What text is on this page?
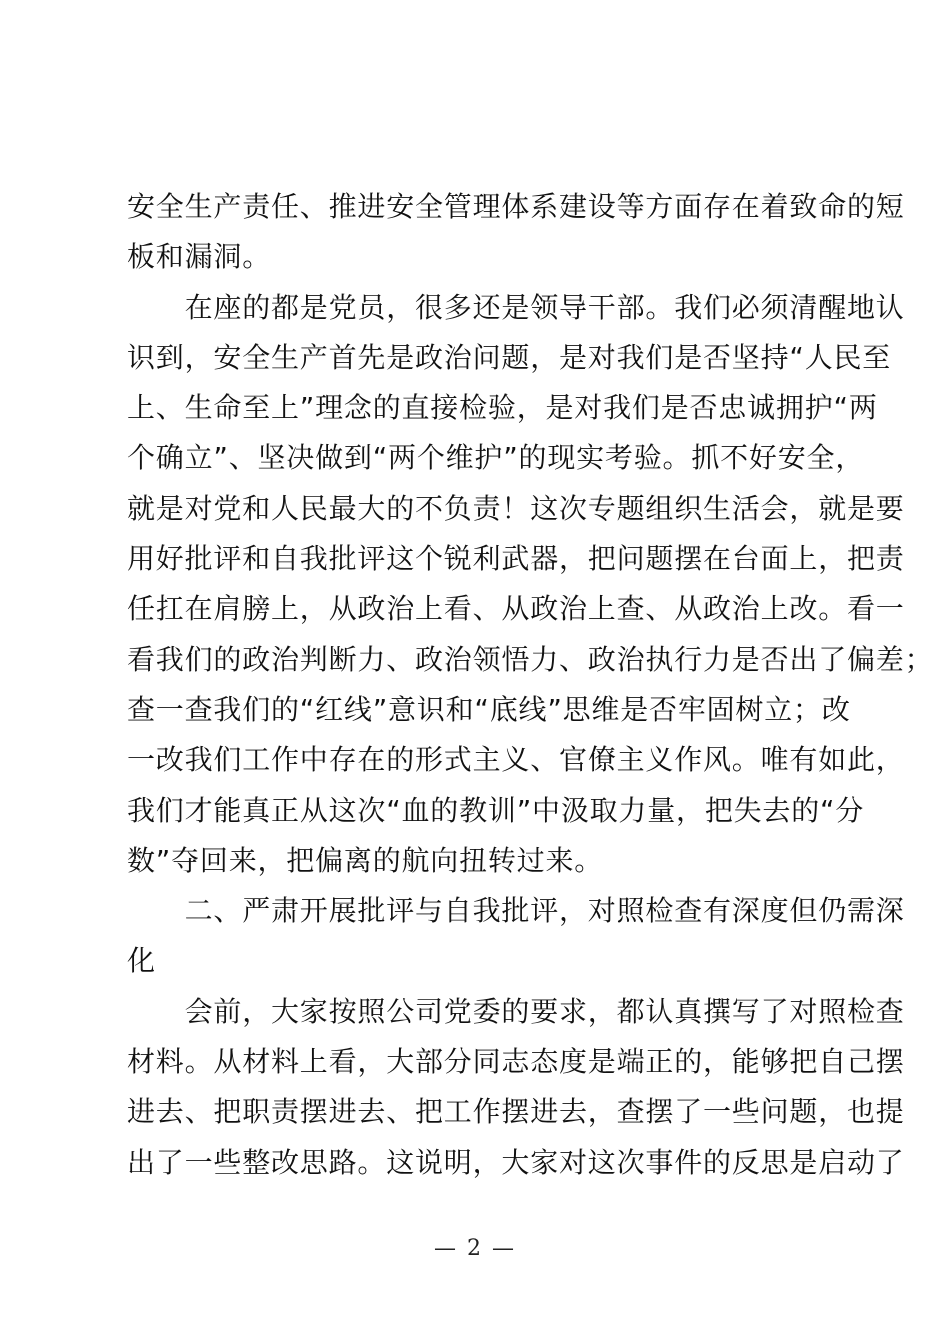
安全生产责任、推进安全管理体系建设等方面存在着致命的短
板和漏洞。
　　在座的都是党员，很多还是领导干部。我们必须清醒地认
识到，安全生产首先是政治问题，是对我们是否坚持“人民至
上、生命至上”理念的直接检验，是对我们是否忠诚拥护“两
个确立”、坚决做到“两个维护”的现实考验。抓不好安全，
就是对党和人民最大的不负责！这次专题组织生活会，就是要
用好批评和自我批评这个锐利武器，把问题摆在台面上，把责
任扛在肩膀上，从政治上看、从政治上查、从政治上改。看一
看我们的政治判断力、政治领悟力、政治执行力是否出了偏差；
查一查我们的“红线”意识和“底线”思维是否牢固树立；改
一改我们工作中存在的形式主义、官僚主义作风。唯有如此，
我们才能真正从这次“血的教训”中汲取力量，把失去的“分
数”夺回来，把偏离的航向扭转过来。
　　二、严肃开展批评与自我批评，对照检查有深度但仍需深
化
　　会前，大家按照公司党委的要求，都认真撰写了对照检查
材料。从材料上看，大部分同志态度是端正的，能够把自己摆
进去、把职责摆进去、把工作摆进去，查摆了一些问题，也提
出了一些整改思路。这说明，大家对这次事件的反思是启动了
— 2 —
